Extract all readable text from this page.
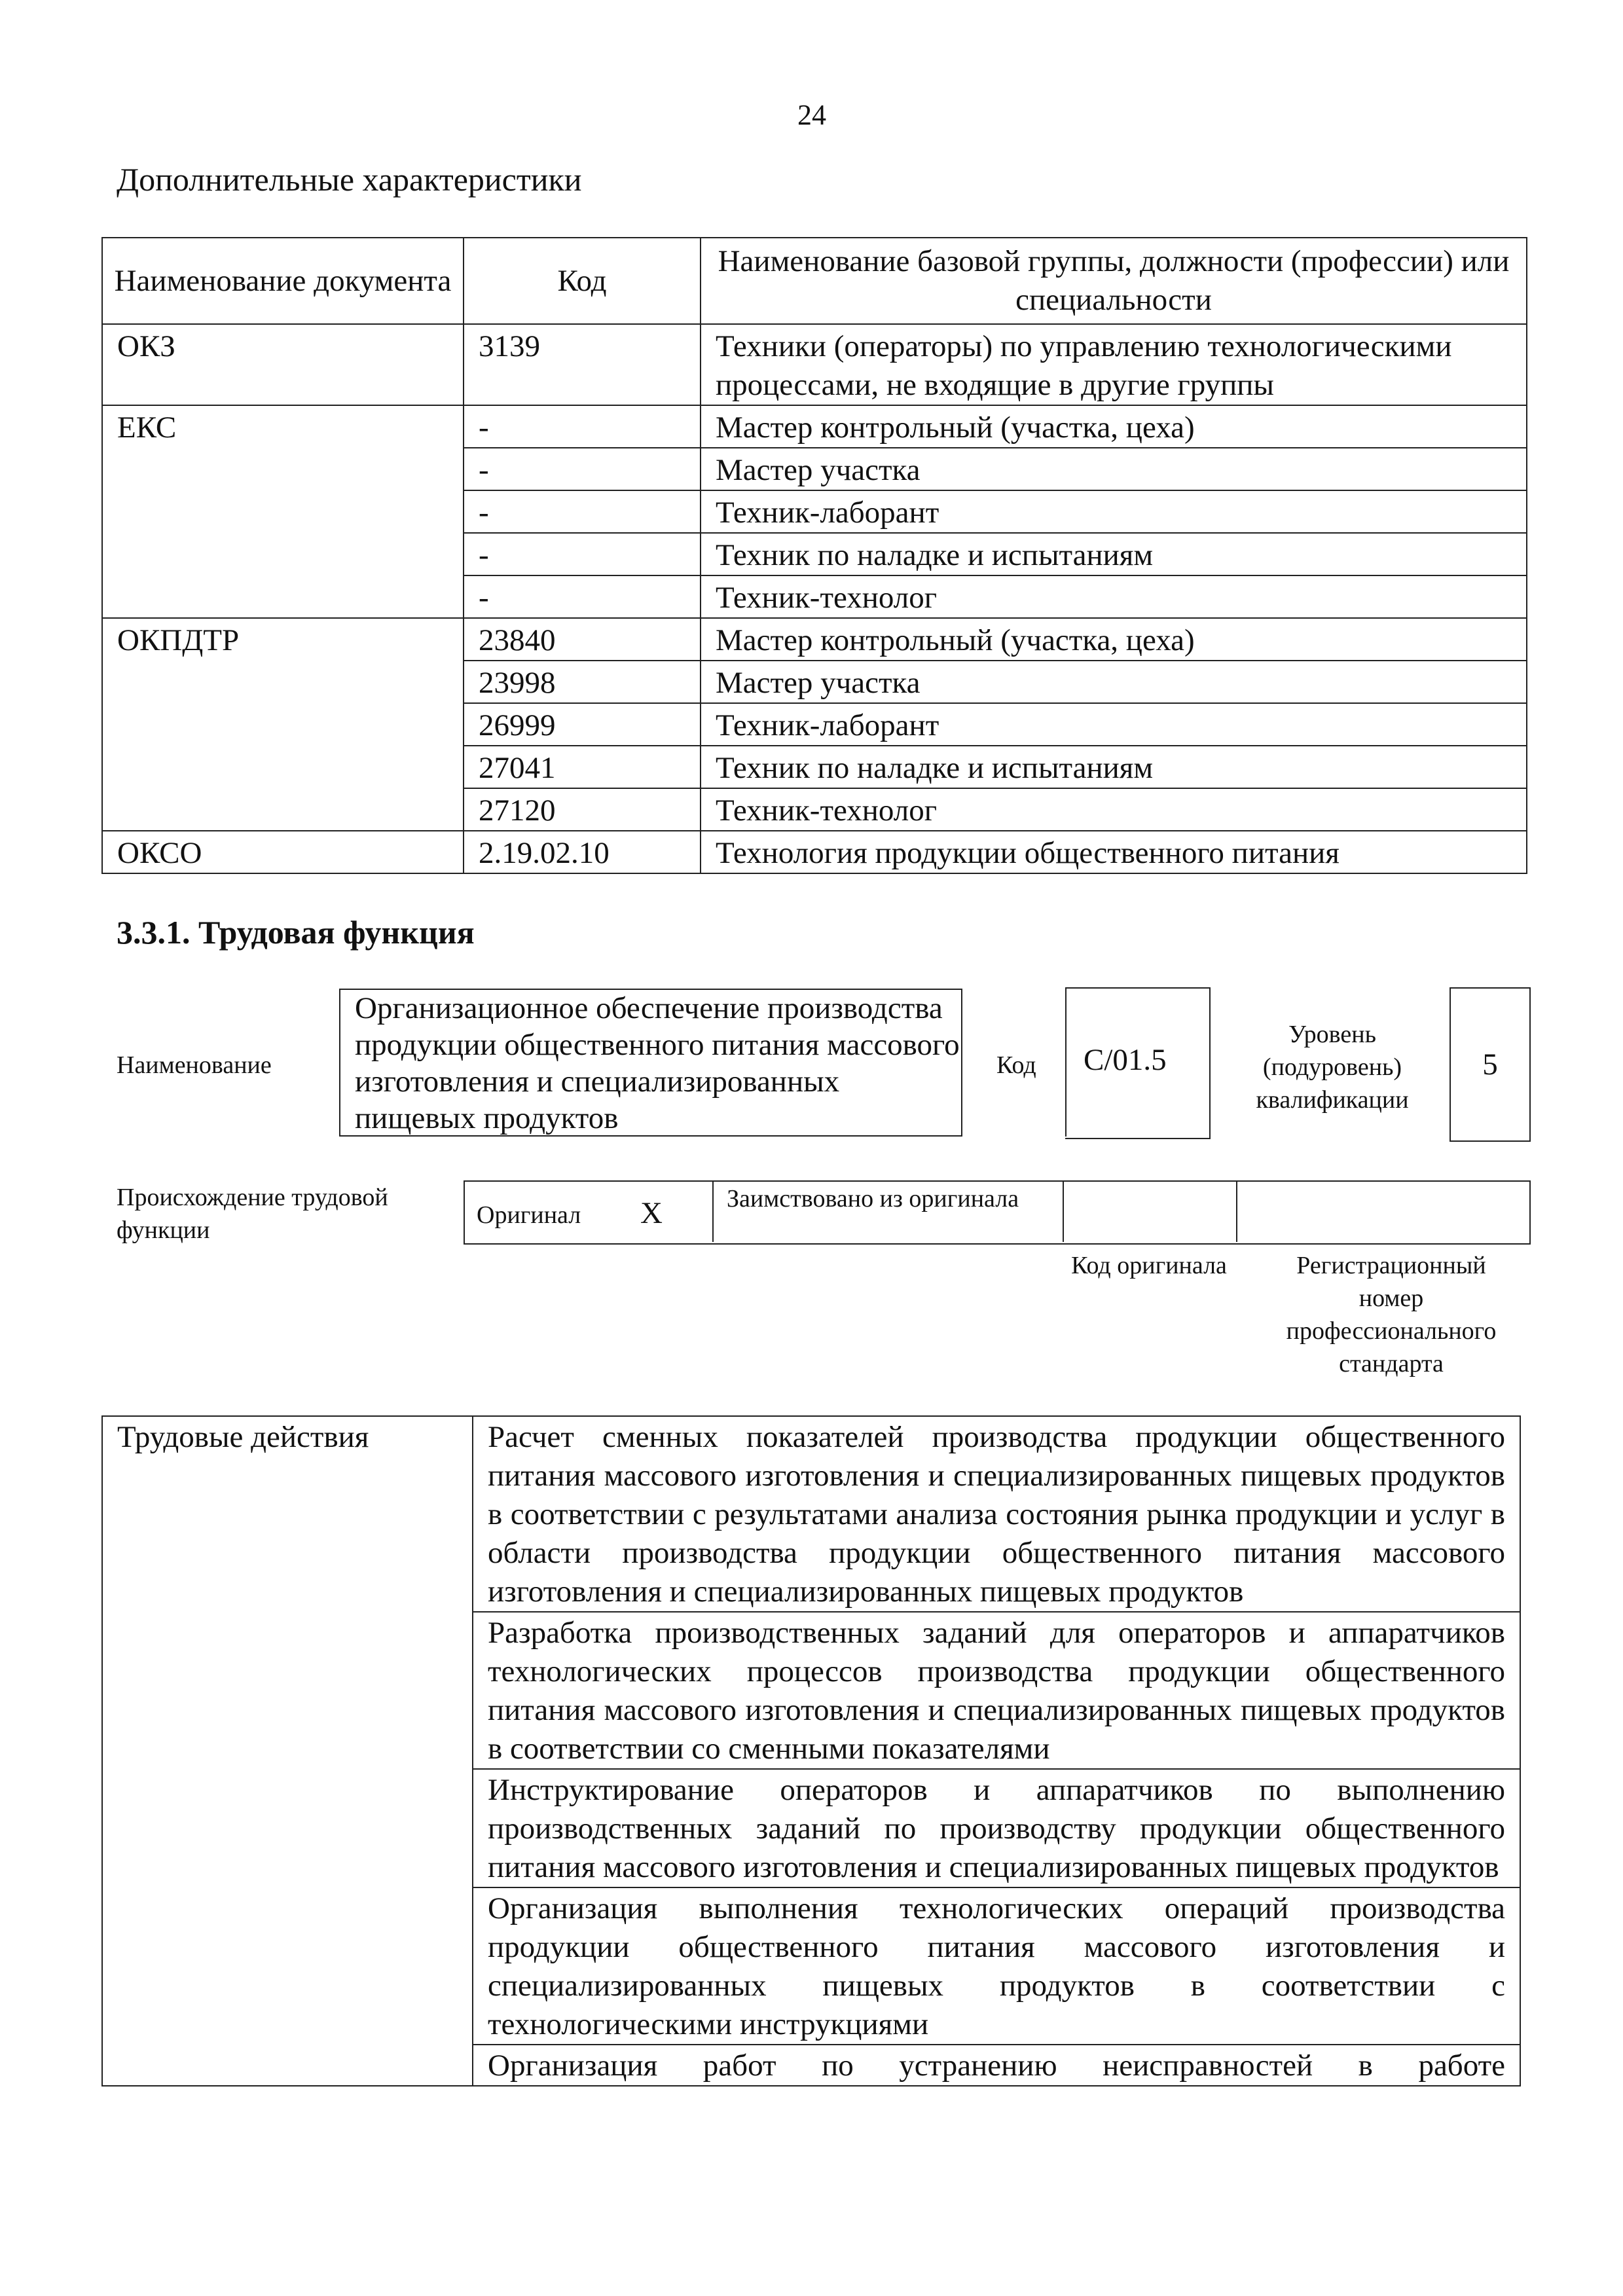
24
Дополнительные характеристики
Наименование документа	Код	Наименование базовой группы, должности (профессии) или специальности
ОКЗ	3139	Техники (операторы) по управлению технологическими процессами, не входящие в другие группы
ЕКС	-	Мастер контрольный (участка, цеха)
	-	Мастер участка
	-	Техник-лаборант
	-	Техник по наладке и испытаниям
	-	Техник-технолог
ОКПДТР	23840	Мастер контрольный (участка, цеха)
	23998	Мастер участка
	26999	Техник-лаборант
	27041	Техник по наладке и испытаниям
	27120	Техник-технолог
ОКСО	2.19.02.10	Технология продукции общественного питания
3.3.1. Трудовая функция
Наименование
Организационное обеспечение производства продукции общественного питания массового изготовления и специализированных пищевых продуктов
Код С/01.5
Уровень (подуровень) квалификации
5
Происхождение трудовой функции
Оригинал X	Заимствовано из оригинала
Код оригинала	Регистрационный номер профессионального стандарта
Трудовые действия	Расчет сменных показателей производства продукции общественного питания массового изготовления и специализированных пищевых продуктов в соответствии с результатами анализа состояния рынка продукции и услуг в области производства продукции общественного питания массового изготовления и специализированных пищевых продуктов
Разработка производственных заданий для операторов и аппаратчиков технологических процессов производства продукции общественного питания массового изготовления и специализированных пищевых продуктов в соответствии со сменными показателями
Инструктирование операторов и аппаратчиков по выполнению производственных заданий по производству продукции общественного питания массового изготовления и специализированных пищевых продуктов
Организация выполнения технологических операций производства продукции общественного питания массового изготовления и специализированных пищевых продуктов в соответствии с технологическими инструкциями
Организация работ по устранению неисправностей в работе
